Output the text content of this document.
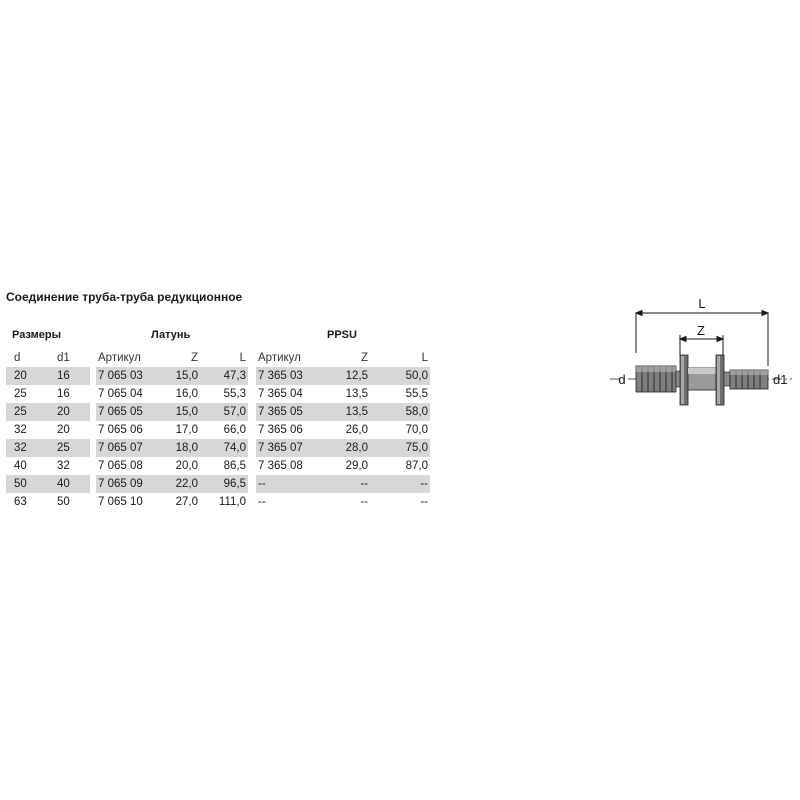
Соединение труба-труба редукционное
Размеры	Латунь	PPSU
d	d1		Артикул	Z	L		Артикул	Z	L
20	16		7 065 03	15,0	47,3		7 365 03	12,5	50,0
25	16		7 065 04	16,0	55,3		7 365 04	13,5	55,5
25	20		7 065 05	15,0	57,0		7 365 05	13,5	58,0
32	20		7 065 06	17,0	66,0		7 365 06	26,0	70,0
32	25		7 065 07	18,0	74,0		7 365 07	28,0	75,0
40	32		7 065 08	20,0	86,5		7 365 08	29,0	87,0
50	40		7 065 09	22,0	96,5		--	--	--
63	50		7 065 10	27,0	111,0		--	--	--
L
Z
d	d1
